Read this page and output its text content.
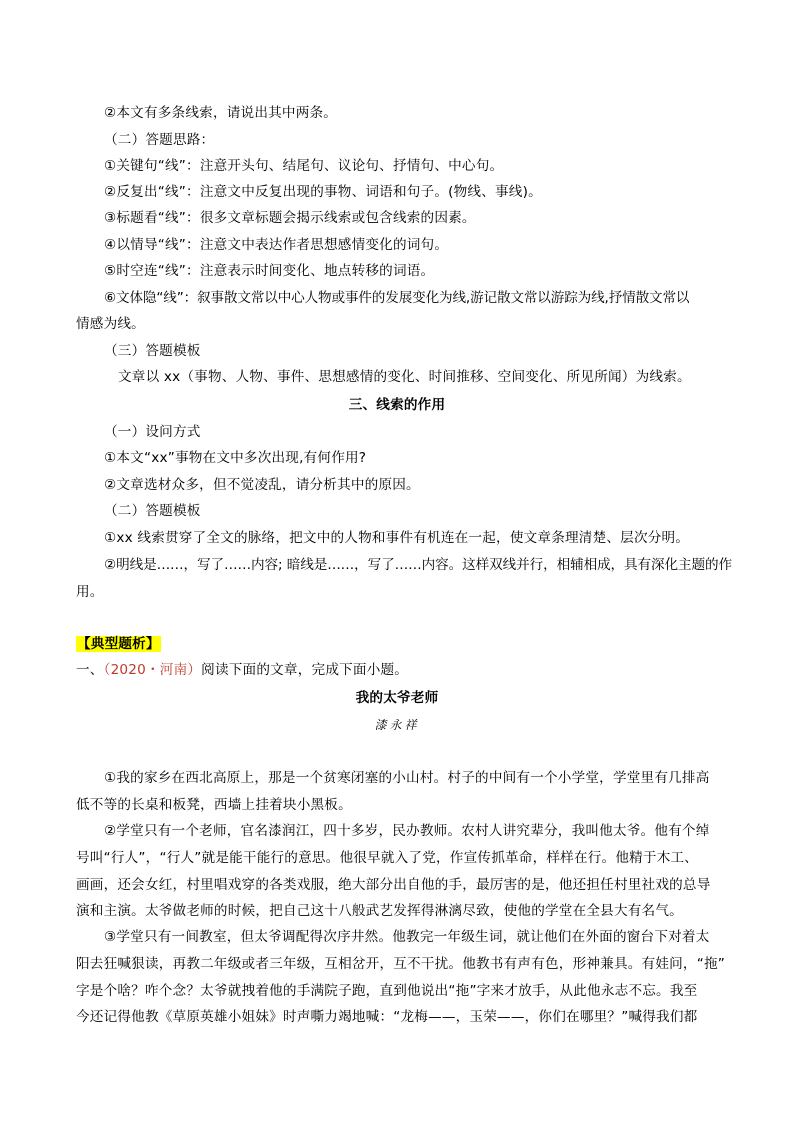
②本文有多条线索，请说出其中两条。
（二）答题思路：
①关键句“线”：注意开头句、结尾句、议论句、抒情句、中心句。
②反复出“线”：注意文中反复出现的事物、词语和句子。(物线、事线)。
③标题看“线”：很多文章标题会揭示线索或包含线索的因素。
④以情导“线”：注意文中表达作者思想感情变化的词句。
⑤时空连“线”：注意表示时间变化、地点转移的词语。
⑥文体隐“线”：叙事散文常以中心人物或事件的发展变化为线,游记散文常以游踪为线,抒情散文常以
情感为线。
（三）答题模板
文章以 xx（事物、人物、事件、思想感情的变化、时间推移、空间变化、所见所闻）为线索。
三、线索的作用
（一）设问方式
①本文“xx”事物在文中多次出现,有何作用?
②文章选材众多，但不觉凌乱，请分析其中的原因。
（二）答题模板
①xx 线索贯穿了全文的脉络，把文中的人物和事件有机连在一起，使文章条理清楚、层次分明。
②明线是……，写了……内容; 暗线是……，写了……内容。这样双线并行，相辅相成，具有深化主题的作
用。
【典型题析】
一、（2020・河南）阅读下面的文章，完成下面小题。
我的太爷老师
漆永祥
①我的家乡在西北高原上，那是一个贫寒闭塞的小山村。村子的中间有一个小学堂，学堂里有几排高
低不等的长桌和板凳，西墙上挂着块小黑板。
②学堂只有一个老师，官名漆润江，四十多岁，民办教师。农村人讲究辈分，我叫他太爷。他有个绰
号叫“行人”，“行人”就是能干能行的意思。他很早就入了党，作宣传抓革命，样样在行。他精于木工、
画画，还会女红，村里唱戏穿的各类戏服，绝大部分出自他的手，最厉害的是，他还担任村里社戏的总导
演和主演。太爷做老师的时候，把自己这十八般武艺发挥得淋漓尽致，使他的学堂在全县大有名气。
③学堂只有一间教室，但太爷调配得次序井然。他教完一年级生词，就让他们在外面的窗台下对着太
阳去狂喊狠读，再教二年级或者三年级，互相岔开，互不干扰。他教书有声有色，形神兼具。有娃问，“拖”
字是个啥？咋个念？太爷就拽着他的手满院子跑，直到他说出“拖”字来才放手，从此他永志不忘。我至
今还记得他教《草原英雄小姐妹》时声嘶力竭地喊：“龙梅——，玉荣——，你们在哪里？”喊得我们都
